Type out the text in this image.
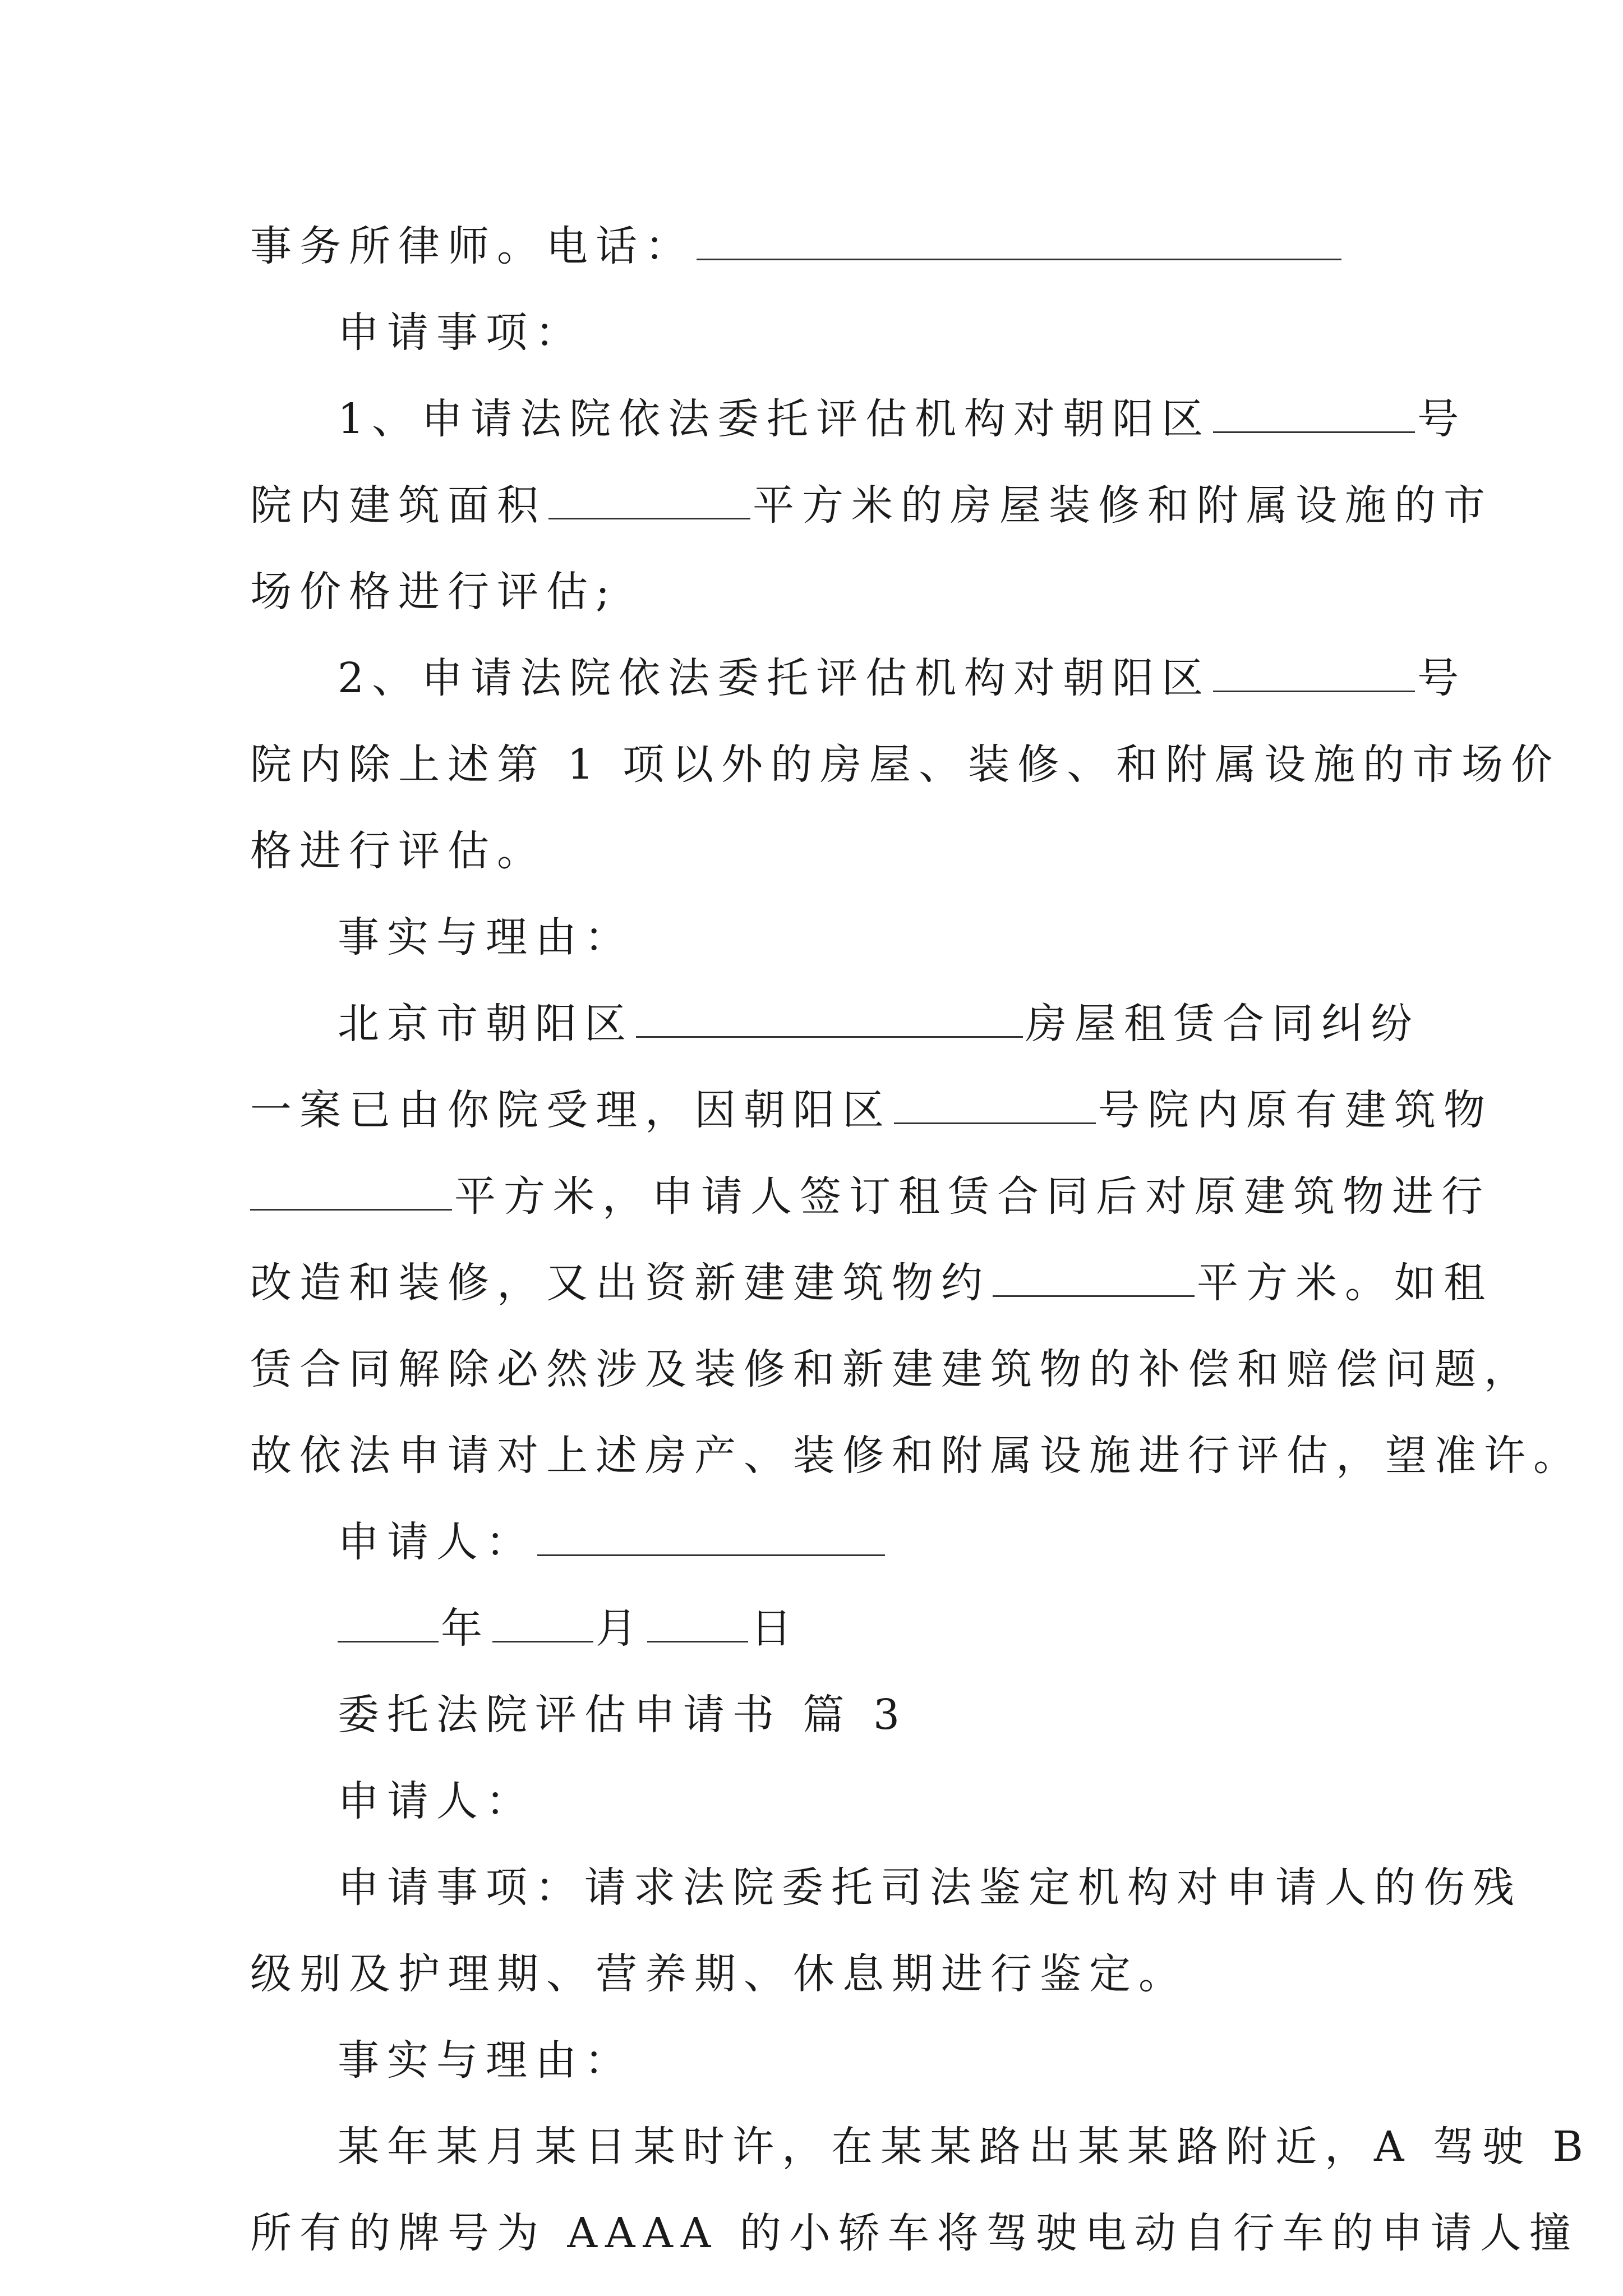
事务所律师。电话：
申请事项：
1、申请法院依法委托评估机构对朝阳区	号
院内建筑面积	平方米的房屋装修和附属设施的市
场价格进行评估;
2、申请法院依法委托评估机构对朝阳区	号
院内除上述第 1 项以外的房屋、装修、和附属设施的市场价
格进行评估。
事实与理由：
北京市朝阳区	房屋租赁合同纠纷
一案已由你院受理，因朝阳区	号院内原有建筑物
平方米，申请人签订租赁合同后对原建筑物进行
改造和装修，又出资新建建筑物约	平方米。如租
赁合同解除必然涉及装修和新建建筑物的补偿和赔偿问题，
故依法申请对上述房产、装修和附属设施进行评估，望准许。
申请人：
年	月	日
委托法院评估申请书 篇 3
申请人：
申请事项：请求法院委托司法鉴定机构对申请人的伤残
级别及护理期、营养期、休息期进行鉴定。
事实与理由：
某年某月某日某时许，在某某路出某某路附近，A 驾驶 B
所有的牌号为 AAAA 的小轿车将驾驶电动自行车的申请人撞
